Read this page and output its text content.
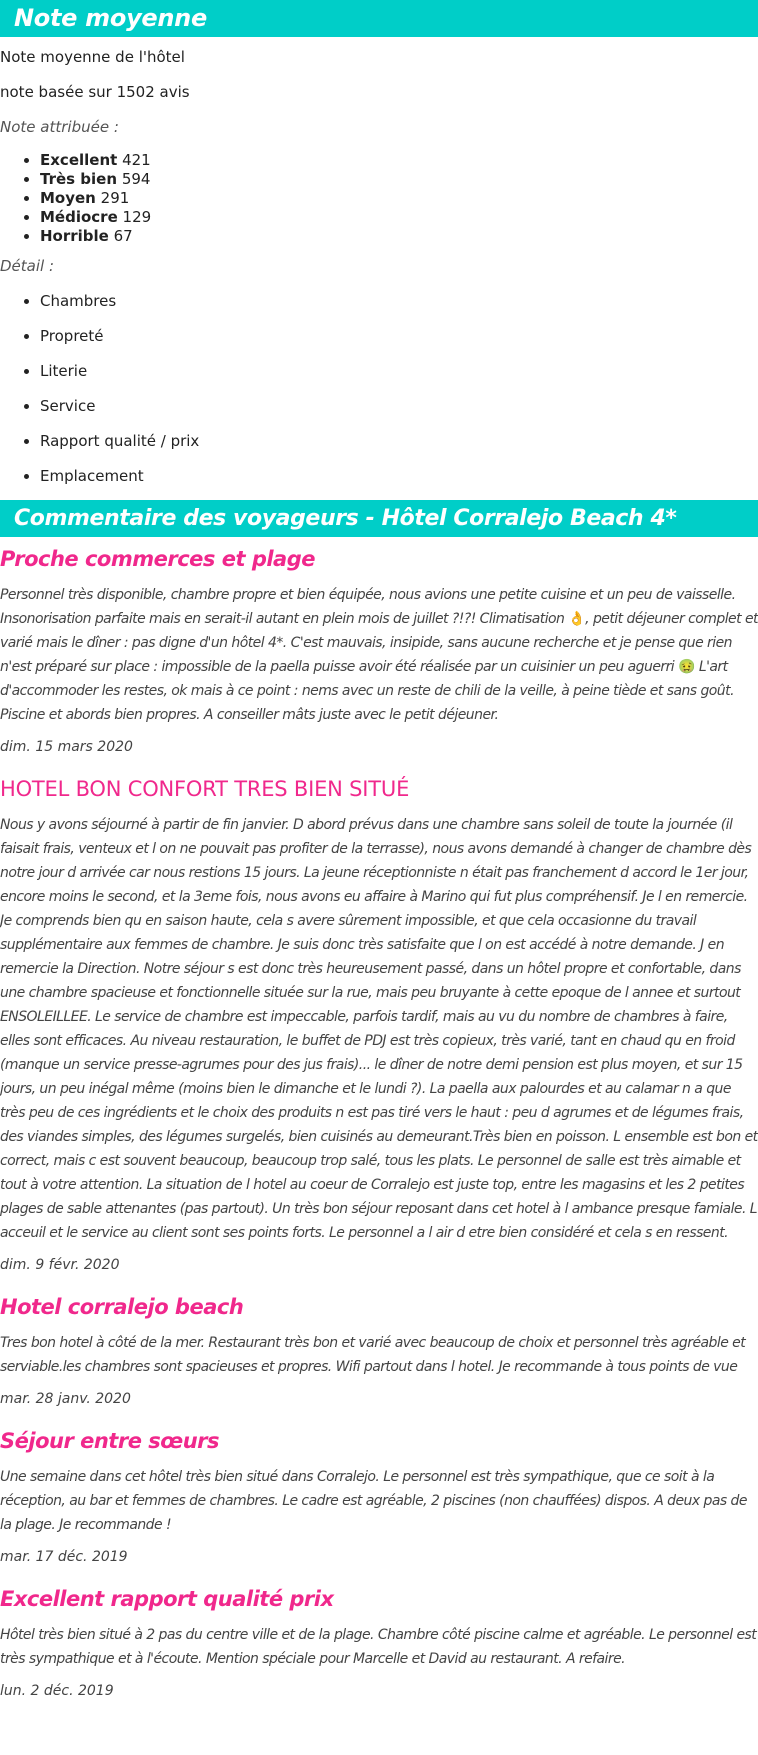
Note moyenne
Note moyenne de l'hôtel
note basée sur 1502 avis
Note attribuée :
• Excellent 421
• Très bien 594
• Moyen 291
• Médiocre 129
• Horrible 67
Détail :
• Chambres
• Propreté
• Literie
• Service
• Rapport qualité / prix
• Emplacement
Commentaire des voyageurs - Hôtel Corralejo Beach 4*
Proche commerces et plage

Personnel très disponible, chambre propre et bien équipée, nous avions une petite cuisine et un peu de vaisselle. Insonorisation parfaite mais en serait-il autant en plein mois de juillet ?!?! Climatisation 👌, petit déjeuner complet et varié mais le dîner : pas digne d'un hôtel 4*. C'est mauvais, insipide, sans aucune recherche et je pense que rien n'est préparé sur place : impossible de la paella puisse avoir été réalisée par un cuisinier un peu aguerri 🤢 L'art d'accommoder les restes, ok mais à ce point : nems avec un reste de chili de la veille, à peine tiède et sans goût. Piscine et abords bien propres. A conseiller mâts juste avec le petit déjeuner.

dim. 15 mars 2020
HOTEL BON CONFORT TRES BIEN SITUÉ

Nous y avons séjourné à partir de fin janvier. D abord prévus dans une chambre sans soleil de toute la journée (il faisait frais, venteux et l on ne pouvait pas profiter de la terrasse), nous avons demandé à changer de chambre dès notre jour d arrivée car nous restions 15 jours. La jeune réceptionniste n était pas franchement d accord le 1er jour, encore moins le second, et la 3eme fois, nous avons eu affaire à Marino qui fut plus compréhensif. Je l en remercie. Je comprends bien qu en saison haute, cela s avere sûrement impossible, et que cela occasionne du travail supplémentaire aux femmes de chambre. Je suis donc très satisfaite que l on est accédé à notre demande. J en remercie la Direction. Notre séjour s est donc très heureusement passé, dans un hôtel propre et confortable, dans une chambre spacieuse et fonctionnelle située sur la rue, mais peu bruyante à cette epoque de l annee et surtout ENSOLEILLEE. Le service de chambre est impeccable, parfois tardif, mais au vu du nombre de chambres à faire, elles sont efficaces. Au niveau restauration, le buffet de PDJ est très copieux, très varié, tant en chaud qu en froid (manque un service presse-agrumes pour des jus frais)... le dîner de notre demi pension est plus moyen, et sur 15 jours, un peu inégal même (moins bien le dimanche et le lundi ?). La paella aux palourdes et au calamar n a que très peu de ces ingrédients et le choix des produits n est pas tiré vers le haut : peu d agrumes et de légumes frais, des viandes simples, des légumes surgelés, bien cuisinés au demeurant.Très bien en poisson. L ensemble est bon et correct, mais c est souvent beaucoup, beaucoup trop salé, tous les plats. Le personnel de salle est très aimable et tout à votre attention. La situation de l hotel au coeur de Corralejo est juste top, entre les magasins et les 2 petites plages de sable attenantes (pas partout). Un très bon séjour reposant dans cet hotel à l ambance presque famiale. L acceuil et le service au client sont ses points forts. Le personnel a l air d etre bien considéré et cela s en ressent.

dim. 9 févr. 2020
Hotel corralejo beach

Tres bon hotel à côté de la mer. Restaurant très bon et varié avec beaucoup de choix et personnel très agréable et serviable.les chambres sont spacieuses et propres. Wifi partout dans l hotel. Je recommande à tous points de vue

mar. 28 janv. 2020
Séjour entre sœurs

Une semaine dans cet hôtel très bien situé dans Corralejo. Le personnel est très sympathique, que ce soit à la réception, au bar et femmes de chambres. Le cadre est agréable, 2 piscines (non chauffées) dispos. A deux pas de la plage. Je recommande !

mar. 17 déc. 2019
Excellent rapport qualité prix

Hôtel très bien situé à 2 pas du centre ville et de la plage. Chambre côté piscine calme et agréable. Le personnel est très sympathique et à l'écoute. Mention spéciale pour Marcelle et David au restaurant. A refaire.

lun. 2 déc. 2019
